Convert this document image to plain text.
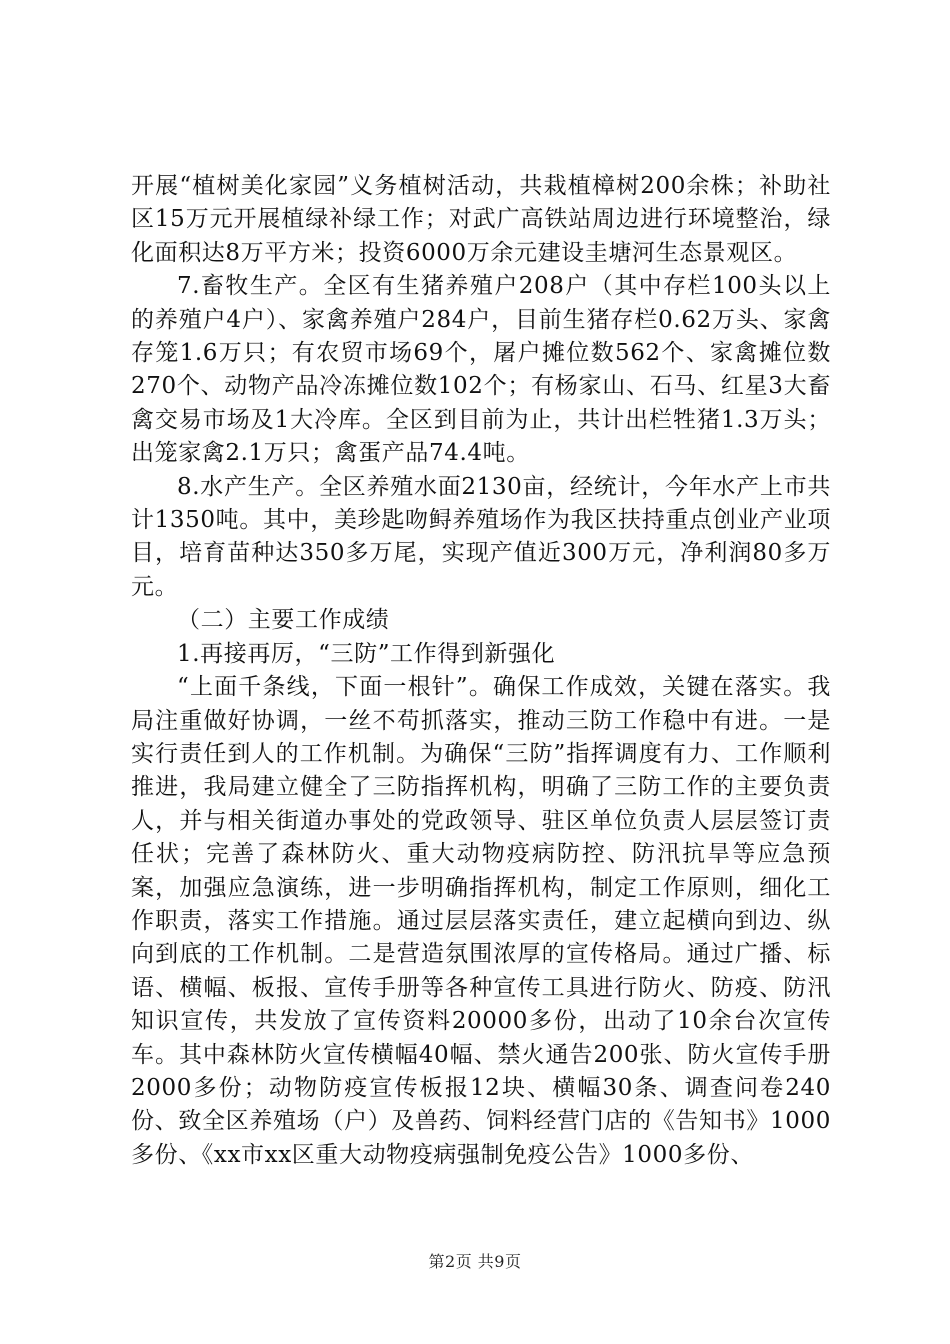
开展“植树美化家园”义务植树活动，共栽植樟树200余株；补助社区15万元开展植绿补绿工作；对武广高铁站周边进行环境整治，绿化面积达8万平方米；投资6000万余元建设圭塘河生态景观区。

7.畜牧生产。全区有生猪养殖户208户（其中存栏100头以上的养殖户4户）、家禽养殖户284户，目前生猪存栏0.62万头、家禽存笼1.6万只；有农贸市场69个，屠户摊位数562个、家禽摊位数270个、动物产品冷冻摊位数102个；有杨家山、石马、红星3大畜禽交易市场及1大冷库。全区到目前为止，共计出栏牲猪1.3万头；出笼家禽2.1万只；禽蛋产品74.4吨。

8.水产生产。全区养殖水面2130亩，经统计，今年水产上市共计1350吨。其中，美珍匙吻鲟养殖场作为我区扶持重点创业产业项目，培育苗种达350多万尾，实现产值近300万元，净利润80多万元。

（二）主要工作成绩

1.再接再厉，“三防”工作得到新强化

“上面千条线，下面一根针”。确保工作成效，关键在落实。我局注重做好协调，一丝不苟抓落实，推动三防工作稳中有进。一是实行责任到人的工作机制。为确保“三防”指挥调度有力、工作顺利推进，我局建立健全了三防指挥机构，明确了三防工作的主要负责人，并与相关街道办事处的党政领导、驻区单位负责人层层签订责任状；完善了森林防火、重大动物疫病防控、防汛抗旱等应急预案，加强应急演练，进一步明确指挥机构，制定工作原则，细化工作职责，落实工作措施。通过层层落实责任，建立起横向到边、纵向到底的工作机制。二是营造氛围浓厚的宣传格局。通过广播、标语、横幅、板报、宣传手册等各种宣传工具进行防火、防疫、防汛知识宣传，共发放了宣传资料20000多份，出动了10余台次宣传车。其中森林防火宣传横幅40幅、禁火通告200张、防火宣传手册2000多份；动物防疫宣传板报12块、横幅30条、调查问卷240份、致全区养殖场（户）及兽药、饲料经营门店的《告知书》1000多份、《xx市xx区重大动物疫病强制免疫公告》1000多份、

第2页 共9页
